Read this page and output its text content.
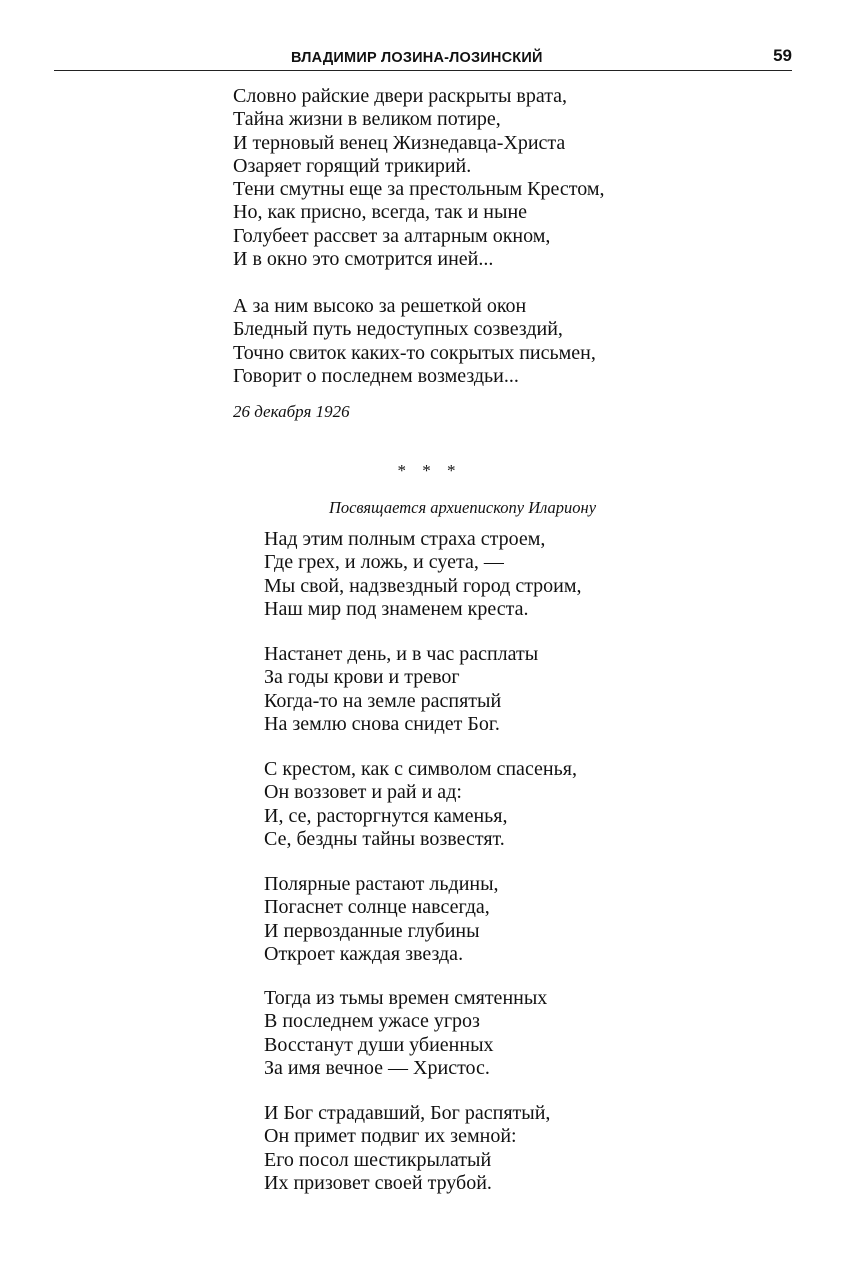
ВЛАДИМИР ЛОЗИНА-ЛОЗИНСКИЙ	59
Словно райские двери раскрыты врата,
Тайна жизни в великом потире,
И терновый венец Жизнедавца-Христа
Озаряет горящий трикирий.
Тени смутны еще за престольным Крестом,
Но, как присно, всегда, так и ныне
Голубеет рассвет за алтарным окном,
И в окно это смотрится иней...
А за ним высоко за решеткой окон
Бледный путь недоступных созвездий,
Точно свиток каких-то сокрытых письмен,
Говорит о последнем возмездьи...
26 декабря 1926
* * *
Посвящается архиепископу Илариону
Над этим полным страха строем,
Где грех, и ложь, и суета, —
Мы свой, надзвездный город строим,
Наш мир под знаменем креста.
Настанет день, и в час расплаты
За годы крови и тревог
Когда-то на земле распятый
На землю снова снидет Бог.
С крестом, как с символом спасенья,
Он воззовет и рай и ад:
И, се, расторгнутся каменья,
Се, бездны тайны возвестят.
Полярные растают льдины,
Погаснет солнце навсегда,
И первозданные глубины
Откроет каждая звезда.
Тогда из тьмы времен смятенных
В последнем ужасе угроз
Восстанут души убиенных
За имя вечное — Христос.
И Бог страдавший, Бог распятый,
Он примет подвиг их земной:
Его посол шестикрылатый
Их призовет своей трубой.
